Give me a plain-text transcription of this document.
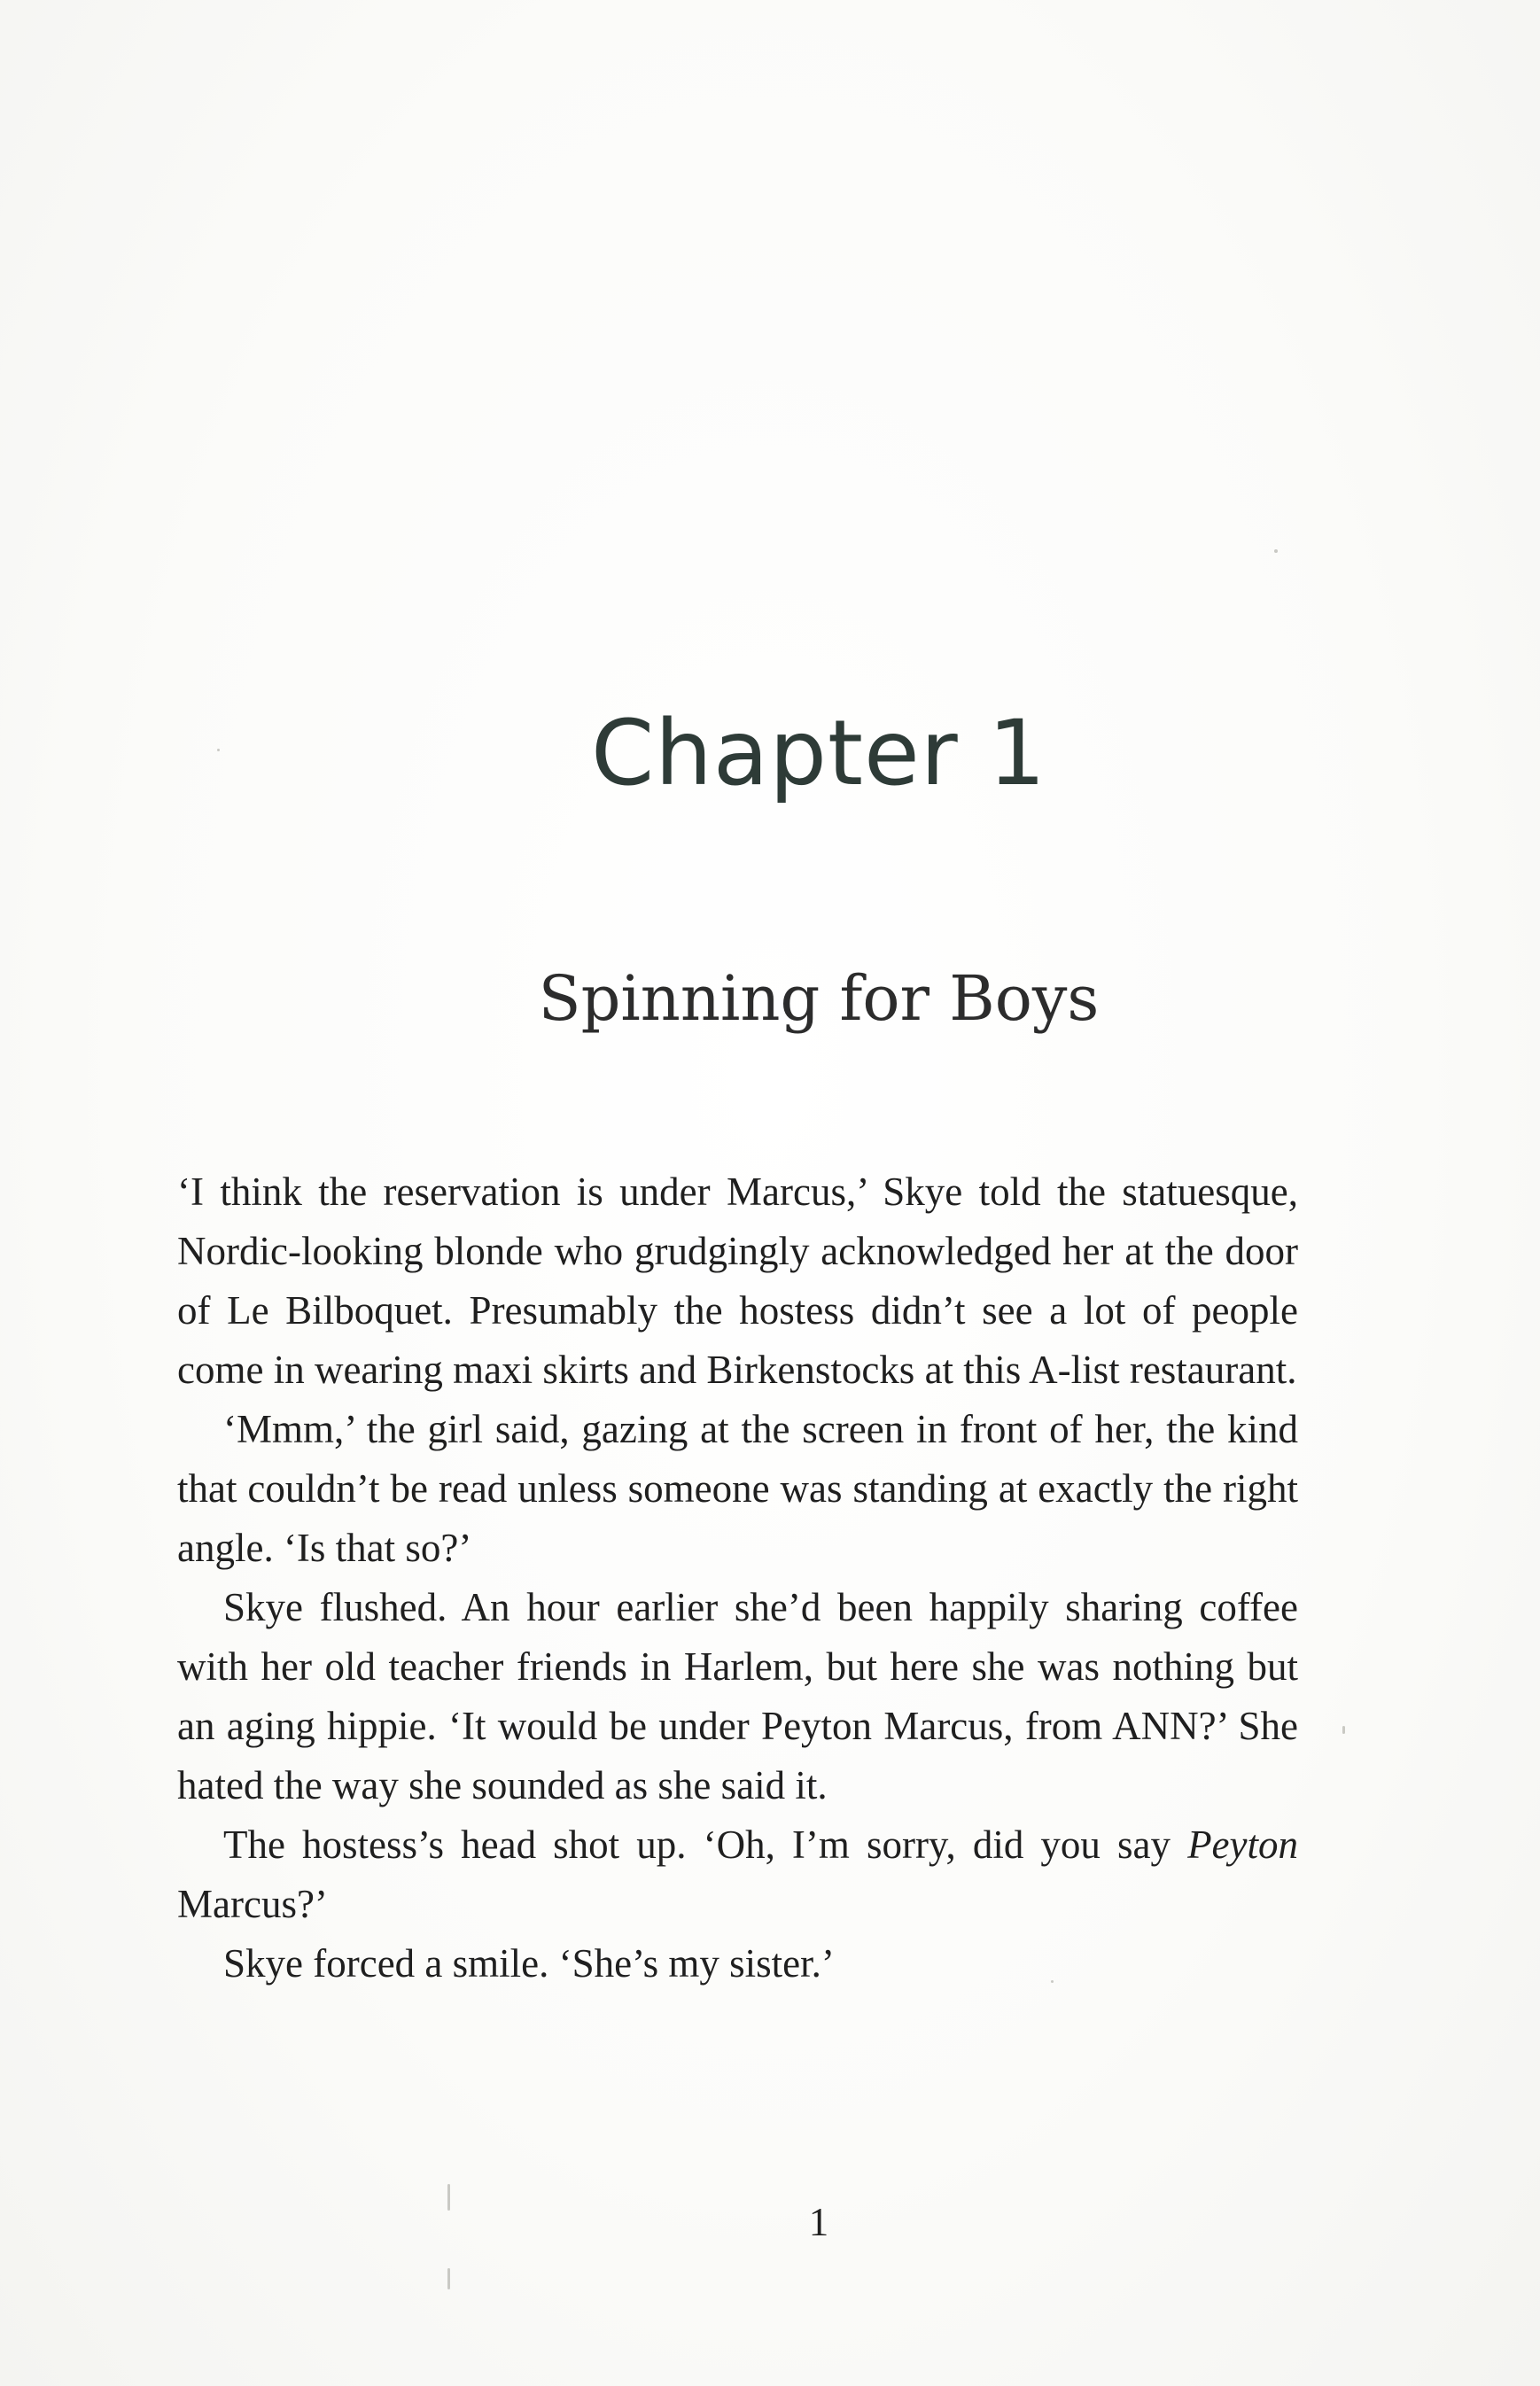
Chapter 1
Spinning for Boys

‘I think the reservation is under Marcus,’ Skye told the statuesque, Nordic-looking blonde who grudgingly acknowledged her at the door of Le Bilboquet. Presumably the hostess didn’t see a lot of people come in wearing maxi skirts and Birkenstocks at this A-list restaurant.

‘Mmm,’ the girl said, gazing at the screen in front of her, the kind that couldn’t be read unless someone was standing at exactly the right angle. ‘Is that so?’

Skye flushed. An hour earlier she’d been happily sharing coffee with her old teacher friends in Harlem, but here she was nothing but an aging hippie. ‘It would be under Peyton Marcus, from ANN?’ She hated the way she sounded as she said it.

The hostess’s head shot up. ‘Oh, I’m sorry, did you say Peyton Marcus?’

Skye forced a smile. ‘She’s my sister.’

1
